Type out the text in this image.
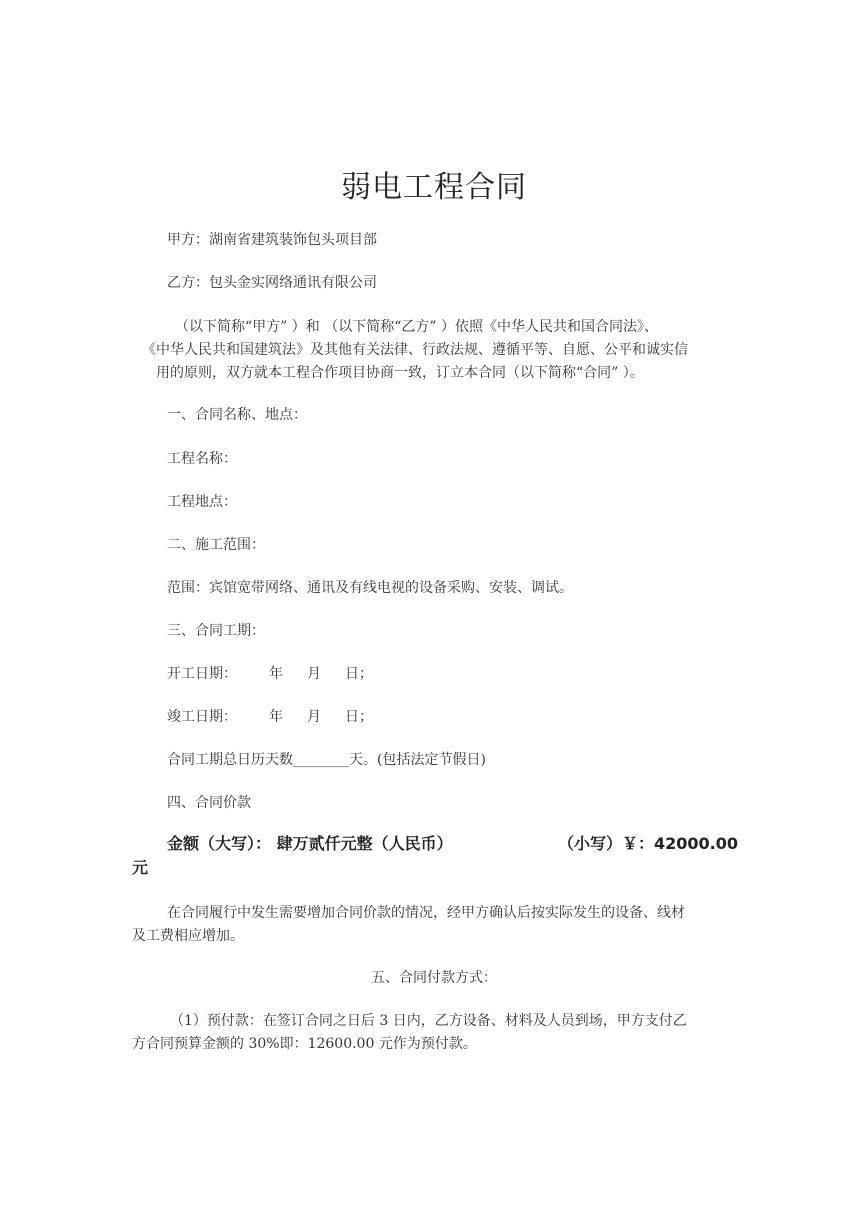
弱电工程合同
甲方：湖南省建筑装饰包头项目部
乙方：包头金实网络通讯有限公司
（以下简称“甲方” ）和 （以下简称“乙方” ）依照《中华人民共和国合同法》、
《中华人民共和国建筑法》及其他有关法律、行政法规、遵循平等、自愿、公平和诚实信
用的原则，双方就本工程合作项目协商一致，订立本合同（以下简称“合同” ）。
一、合同名称、地点：
工程名称：
工程地点：
二、施工范围：
范围：宾馆宽带网络、通讯及有线电视的设备采购、安装、调试。
三、合同工期：
开工日期： 年 月 日；
竣工日期： 年 月 日；
合同工期总日历天数________天。(包括法定节假日)
四、合同价款
（小写）￥：42000.00
金额（大写）： 肆万贰仟元整（人民币）
元
在合同履行中发生需要增加合同价款的情况，经甲方确认后按实际发生的设备、线材
及工费相应增加。
五、合同付款方式：
（1）预付款：在签订合同之日后 3 日内，乙方设备、材料及人员到场，甲方支付乙
方合同预算金额的 30%即：12600.00 元作为预付款。
